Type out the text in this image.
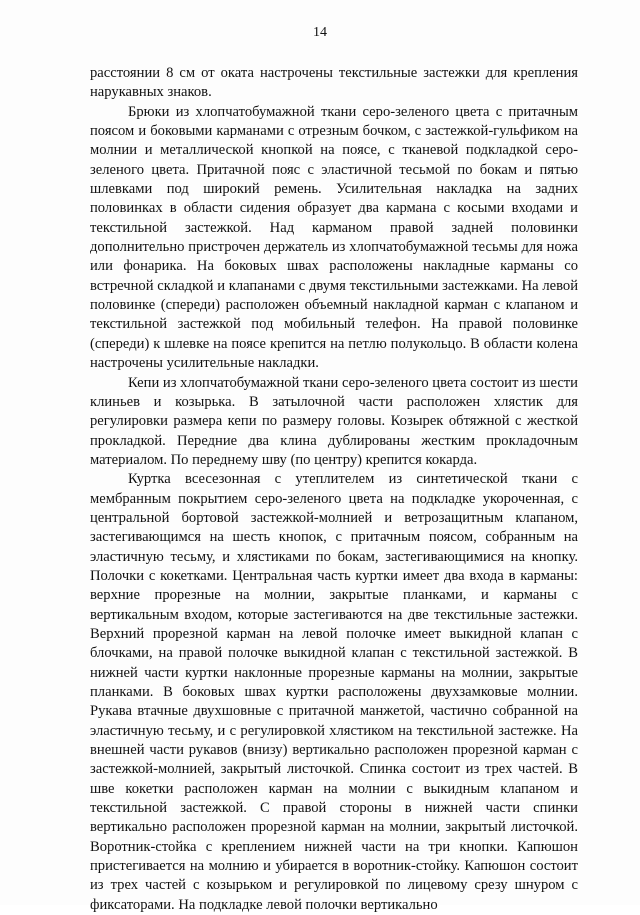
14

расстоянии 8 см от оката настрочены текстильные застежки для крепления нарукавных знаков.

Брюки из хлопчатобумажной ткани серо-зеленого цвета с притачным поясом и боковыми карманами с отрезным бочком, с застежкой-гульфиком на молнии и металлической кнопкой на поясе, с тканевой подкладкой серо-зеленого цвета. Притачной пояс с эластичной тесьмой по бокам и пятью шлевками под широкий ремень. Усилительная накладка на задних половинках в области сидения образует два кармана с косыми входами и текстильной застежкой. Над карманом правой задней половинки дополнительно пристрочен держатель из хлопчатобумажной тесьмы для ножа или фонарика. На боковых швах расположены накладные карманы со встречной складкой и клапанами с двумя текстильными застежками. На левой половинке (спереди) расположен объемный накладной карман с клапаном и текстильной застежкой под мобильный телефон. На правой половинке (спереди) к шлевке на поясе крепится на петлю полукольцо. В области колена настрочены усилительные накладки.

Кепи из хлопчатобумажной ткани серо-зеленого цвета состоит из шести клиньев и козырька. В затылочной части расположен хлястик для регулировки размера кепи по размеру головы. Козырек обтяжной с жесткой прокладкой. Передние два клина дублированы жестким прокладочным материалом. По переднему шву (по центру) крепится кокарда.

Куртка всесезонная с утеплителем из синтетической ткани с мембранным покрытием серо-зеленого цвета на подкладке укороченная, с центральной бортовой застежкой-молнией и ветрозащитным клапаном, застегивающимся на шесть кнопок, с притачным поясом, собранным на эластичную тесьму, и хлястиками по бокам, застегивающимися на кнопку. Полочки с кокетками. Центральная часть куртки имеет два входа в карманы: верхние прорезные на молнии, закрытые планками, и карманы с вертикальным входом, которые застегиваются на две текстильные застежки. Верхний прорезной карман на левой полочке имеет выкидной клапан с блочками, на правой полочке выкидной клапан с текстильной застежкой. В нижней части куртки наклонные прорезные карманы на молнии, закрытые планками. В боковых швах куртки расположены двухзамковые молнии. Рукава втачные двухшовные с притачной манжетой, частично собранной на эластичную тесьму, и с регулировкой хлястиком на текстильной застежке. На внешней части рукавов (внизу) вертикально расположен прорезной карман с застежкой-молнией, закрытый листочкой. Спинка состоит из трех частей. В шве кокетки расположен карман на молнии с выкидным клапаном и текстильной застежкой. С правой стороны в нижней части спинки вертикально расположен прорезной карман на молнии, закрытый листочкой. Воротник-стойка с креплением нижней части на три кнопки. Капюшон пристегивается на молнию и убирается в воротник-стойку. Капюшон состоит из трех частей с козырьком и регулировкой по лицевому срезу шнуром с фиксаторами. На подкладке левой полочки вертикально
